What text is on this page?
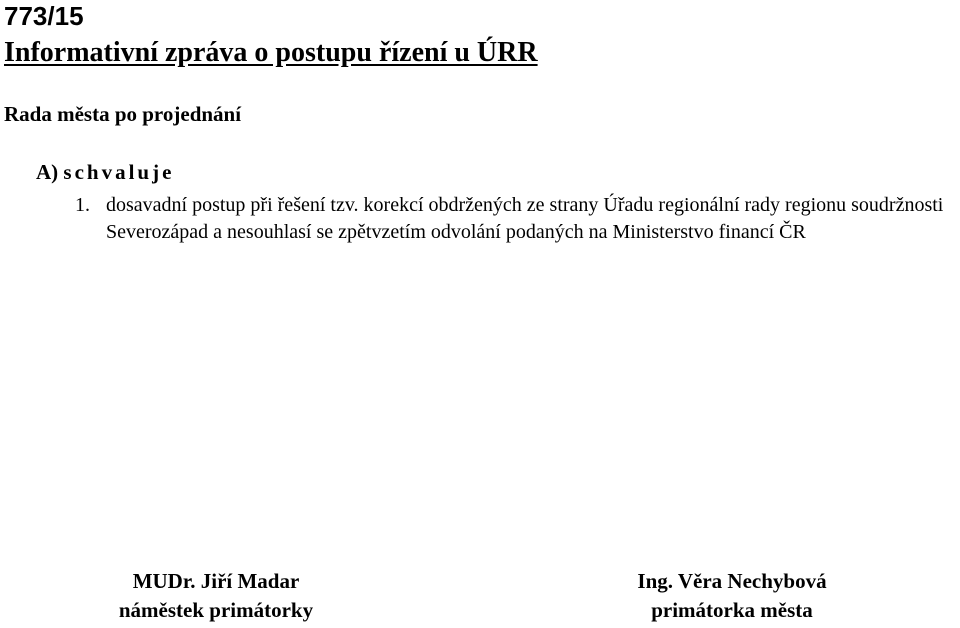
773/15
Informativní zpráva o postupu řízení u ÚRR

Rada města po projednání

A) schvaluje

1. dosavadní postup při řešení tzv. korekcí obdržených ze strany Úřadu regionální rady regionu soudržnosti Severozápad a nesouhlasí se zpětvzetím odvolání podaných na Ministerstvo financí ČR
MUDr. Jiří Madar
náměstek primátorky
Ing. Věra Nechybová
primátorka města
